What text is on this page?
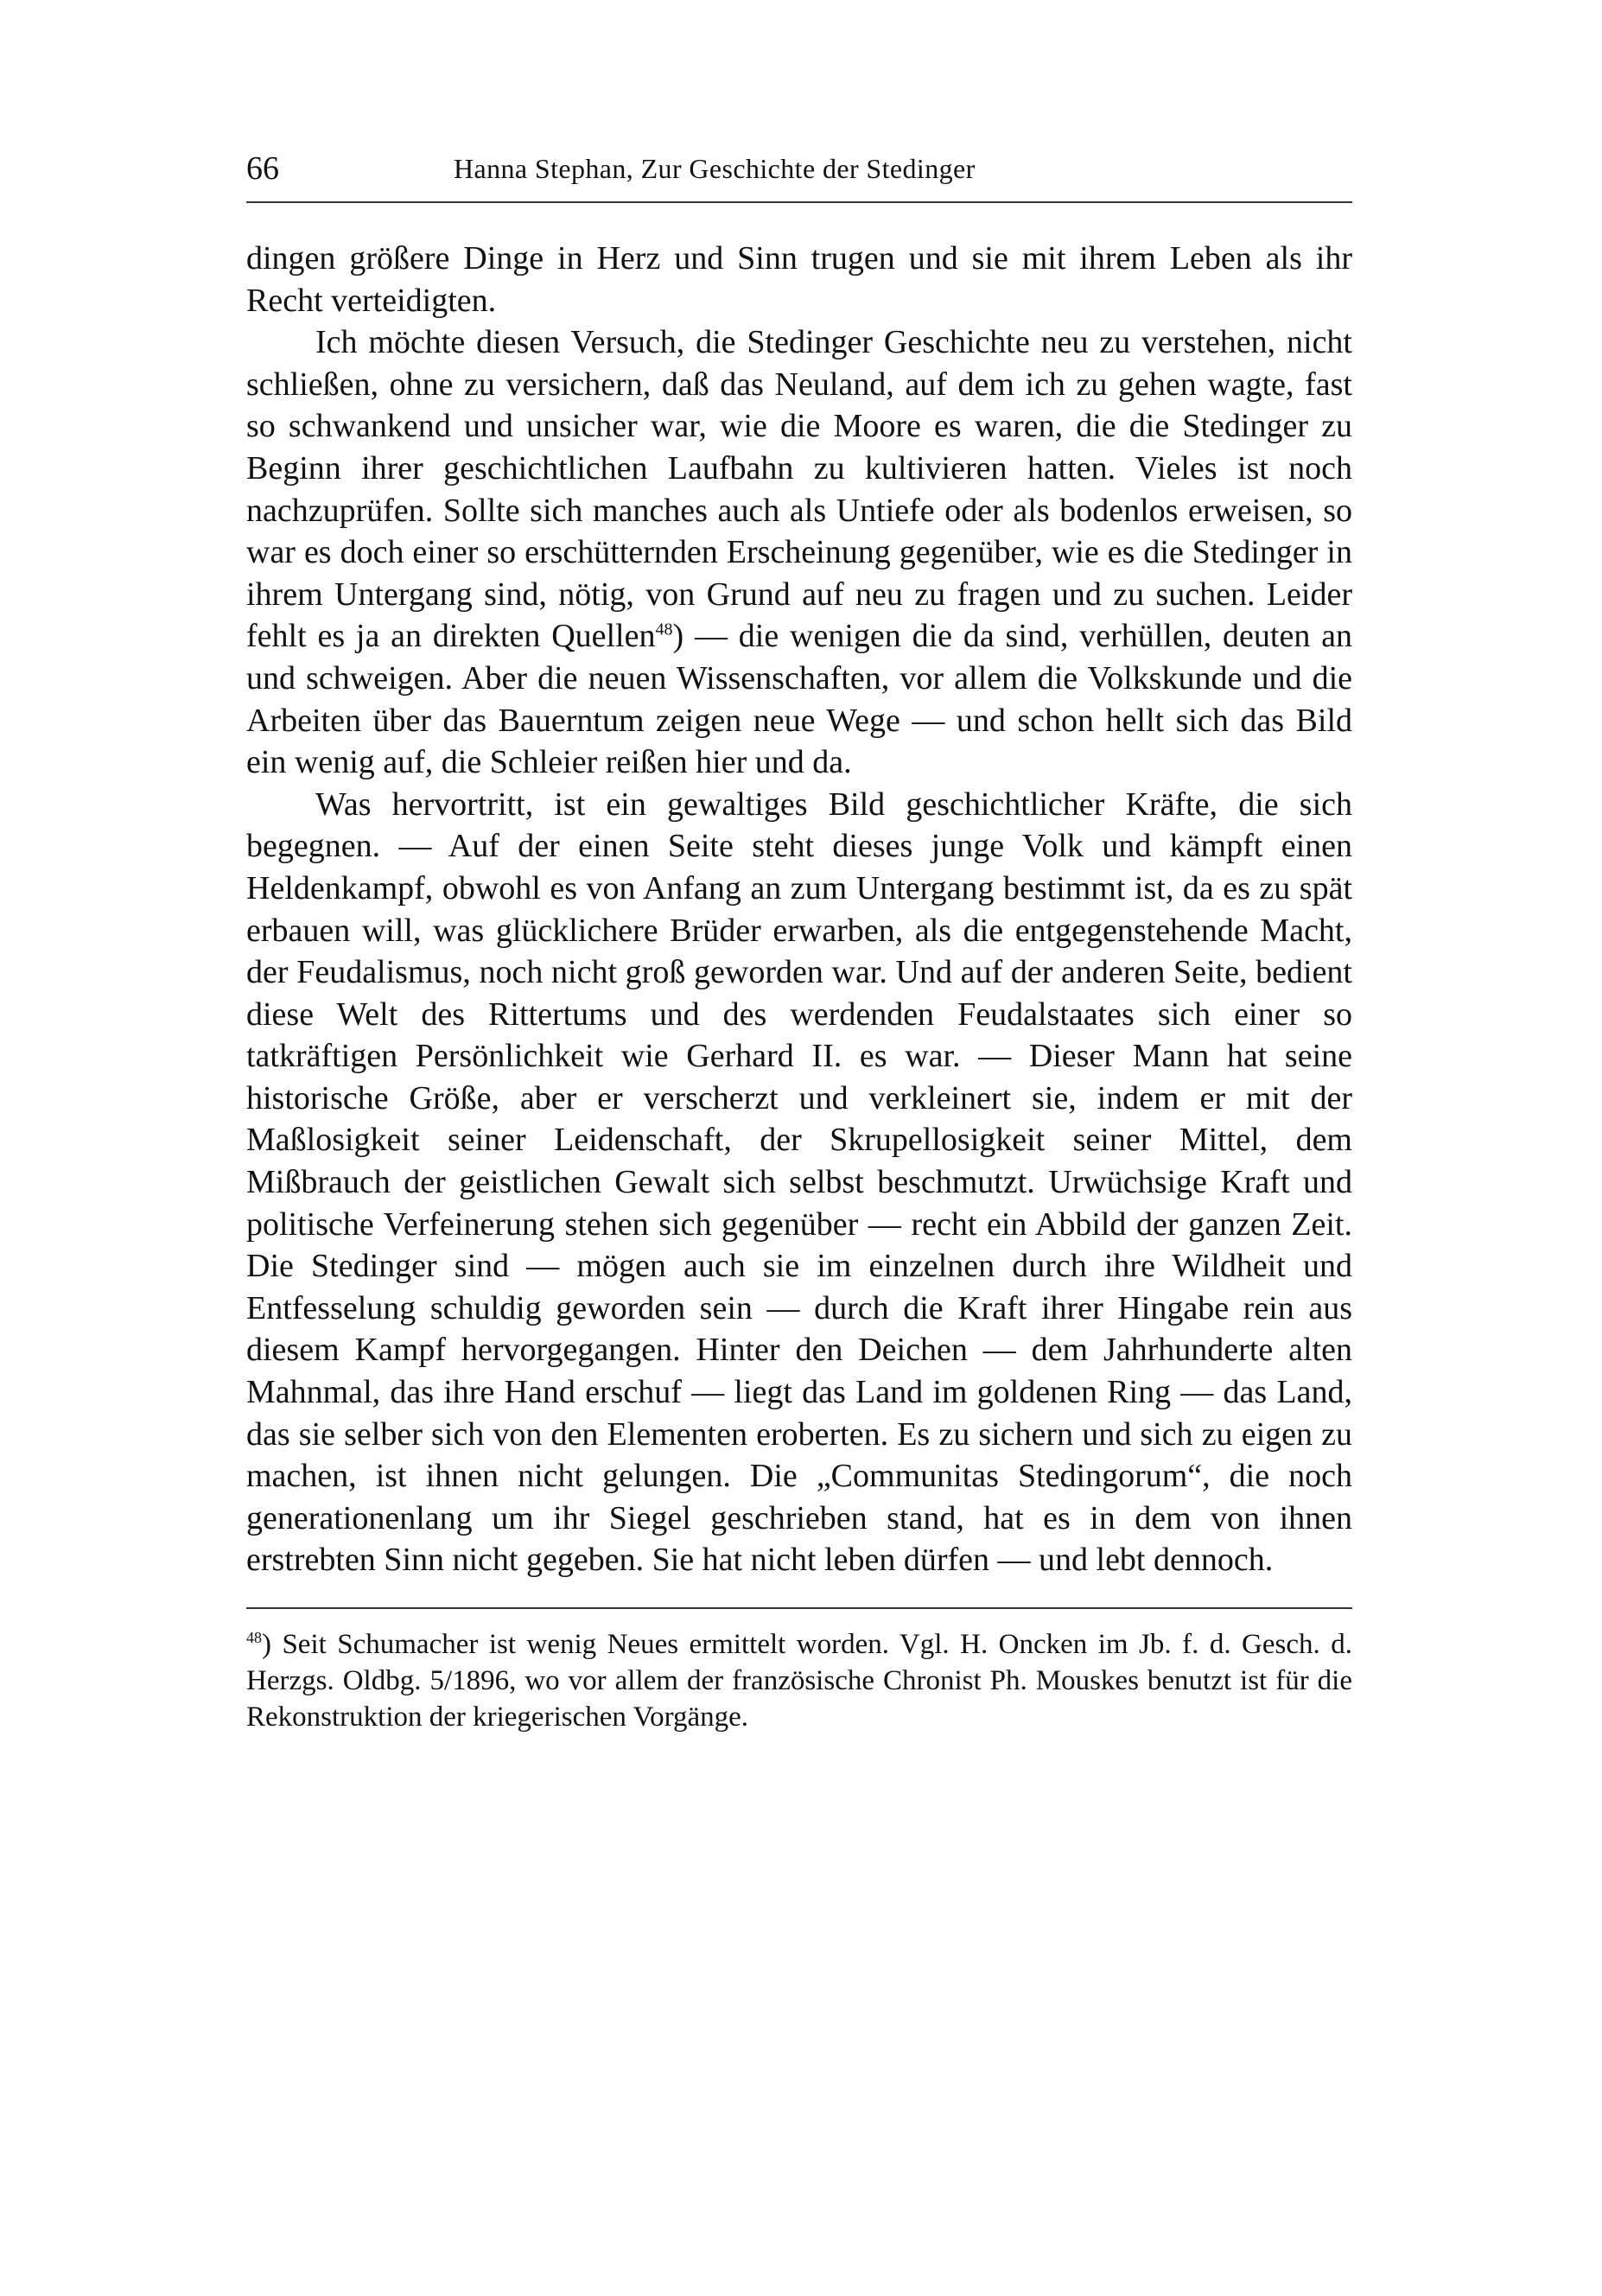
66	Hanna Stephan, Zur Geschichte der Stedinger

dingen größere Dinge in Herz und Sinn trugen und sie mit ihrem Leben als ihr Recht verteidigten.

Ich möchte diesen Versuch, die Stedinger Geschichte neu zu verstehen, nicht schließen, ohne zu versichern, daß das Neuland, auf dem ich zu gehen wagte, fast so schwankend und unsicher war, wie die Moore es waren, die die Stedinger zu Beginn ihrer geschichtlichen Laufbahn zu kultivieren hatten. Vieles ist noch nachzuprüfen. Sollte sich manches auch als Untiefe oder als bodenlos erweisen, so war es doch einer so erschütternden Erscheinung gegenüber, wie es die Stedinger in ihrem Untergang sind, nötig, von Grund auf neu zu fragen und zu suchen. Leider fehlt es ja an direkten Quellen$^{48}$) — die wenigen die da sind, verhüllen, deuten an und schweigen. Aber die neuen Wissenschaften, vor allem die Volkskunde und die Arbeiten über das Bauerntum zeigen neue Wege — und schon hellt sich das Bild ein wenig auf, die Schleier reißen hier und da.

Was hervortritt, ist ein gewaltiges Bild geschichtlicher Kräfte, die sich begegnen. — Auf der einen Seite steht dieses junge Volk und kämpft einen Heldenkampf, obwohl es von Anfang an zum Untergang bestimmt ist, da es zu spät erbauen will, was glücklichere Brüder erwarben, als die entgegenstehende Macht, der Feudalismus, noch nicht groß geworden war. Und auf der anderen Seite, bedient diese Welt des Rittertums und des werdenden Feudalstaates sich einer so tatkräftigen Persönlichkeit wie Gerhard II. es war. — Dieser Mann hat seine historische Größe, aber er verscherzt und verkleinert sie, indem er mit der Maßlosigkeit seiner Leidenschaft, der Skrupellosigkeit seiner Mittel, dem Mißbrauch der geistlichen Gewalt sich selbst beschmutzt. Urwüchsige Kraft und politische Verfeinerung stehen sich gegenüber — recht ein Abbild der ganzen Zeit. Die Stedinger sind — mögen auch sie im einzelnen durch ihre Wildheit und Entfesselung schuldig geworden sein — durch die Kraft ihrer Hingabe rein aus diesem Kampf hervorgegangen. Hinter den Deichen — dem Jahrhunderte alten Mahnmal, das ihre Hand erschuf — liegt das Land im goldenen Ring — das Land, das sie selber sich von den Elementen eroberten. Es zu sichern und sich zu eigen zu machen, ist ihnen nicht gelungen. Die „Communitas Stedingorum“, die noch generationenlang um ihr Siegel geschrieben stand, hat es in dem von ihnen erstrebten Sinn nicht gegeben. Sie hat nicht leben dürfen — und lebt dennoch.

$^{48}$) Seit Schumacher ist wenig Neues ermittelt worden. Vgl. H. Oncken im Jb. f. d. Gesch. d. Herzgs. Oldbg. 5/1896, wo vor allem der französische Chronist Ph. Mouskes benutzt ist für die Rekonstruktion der kriegerischen Vorgänge.
